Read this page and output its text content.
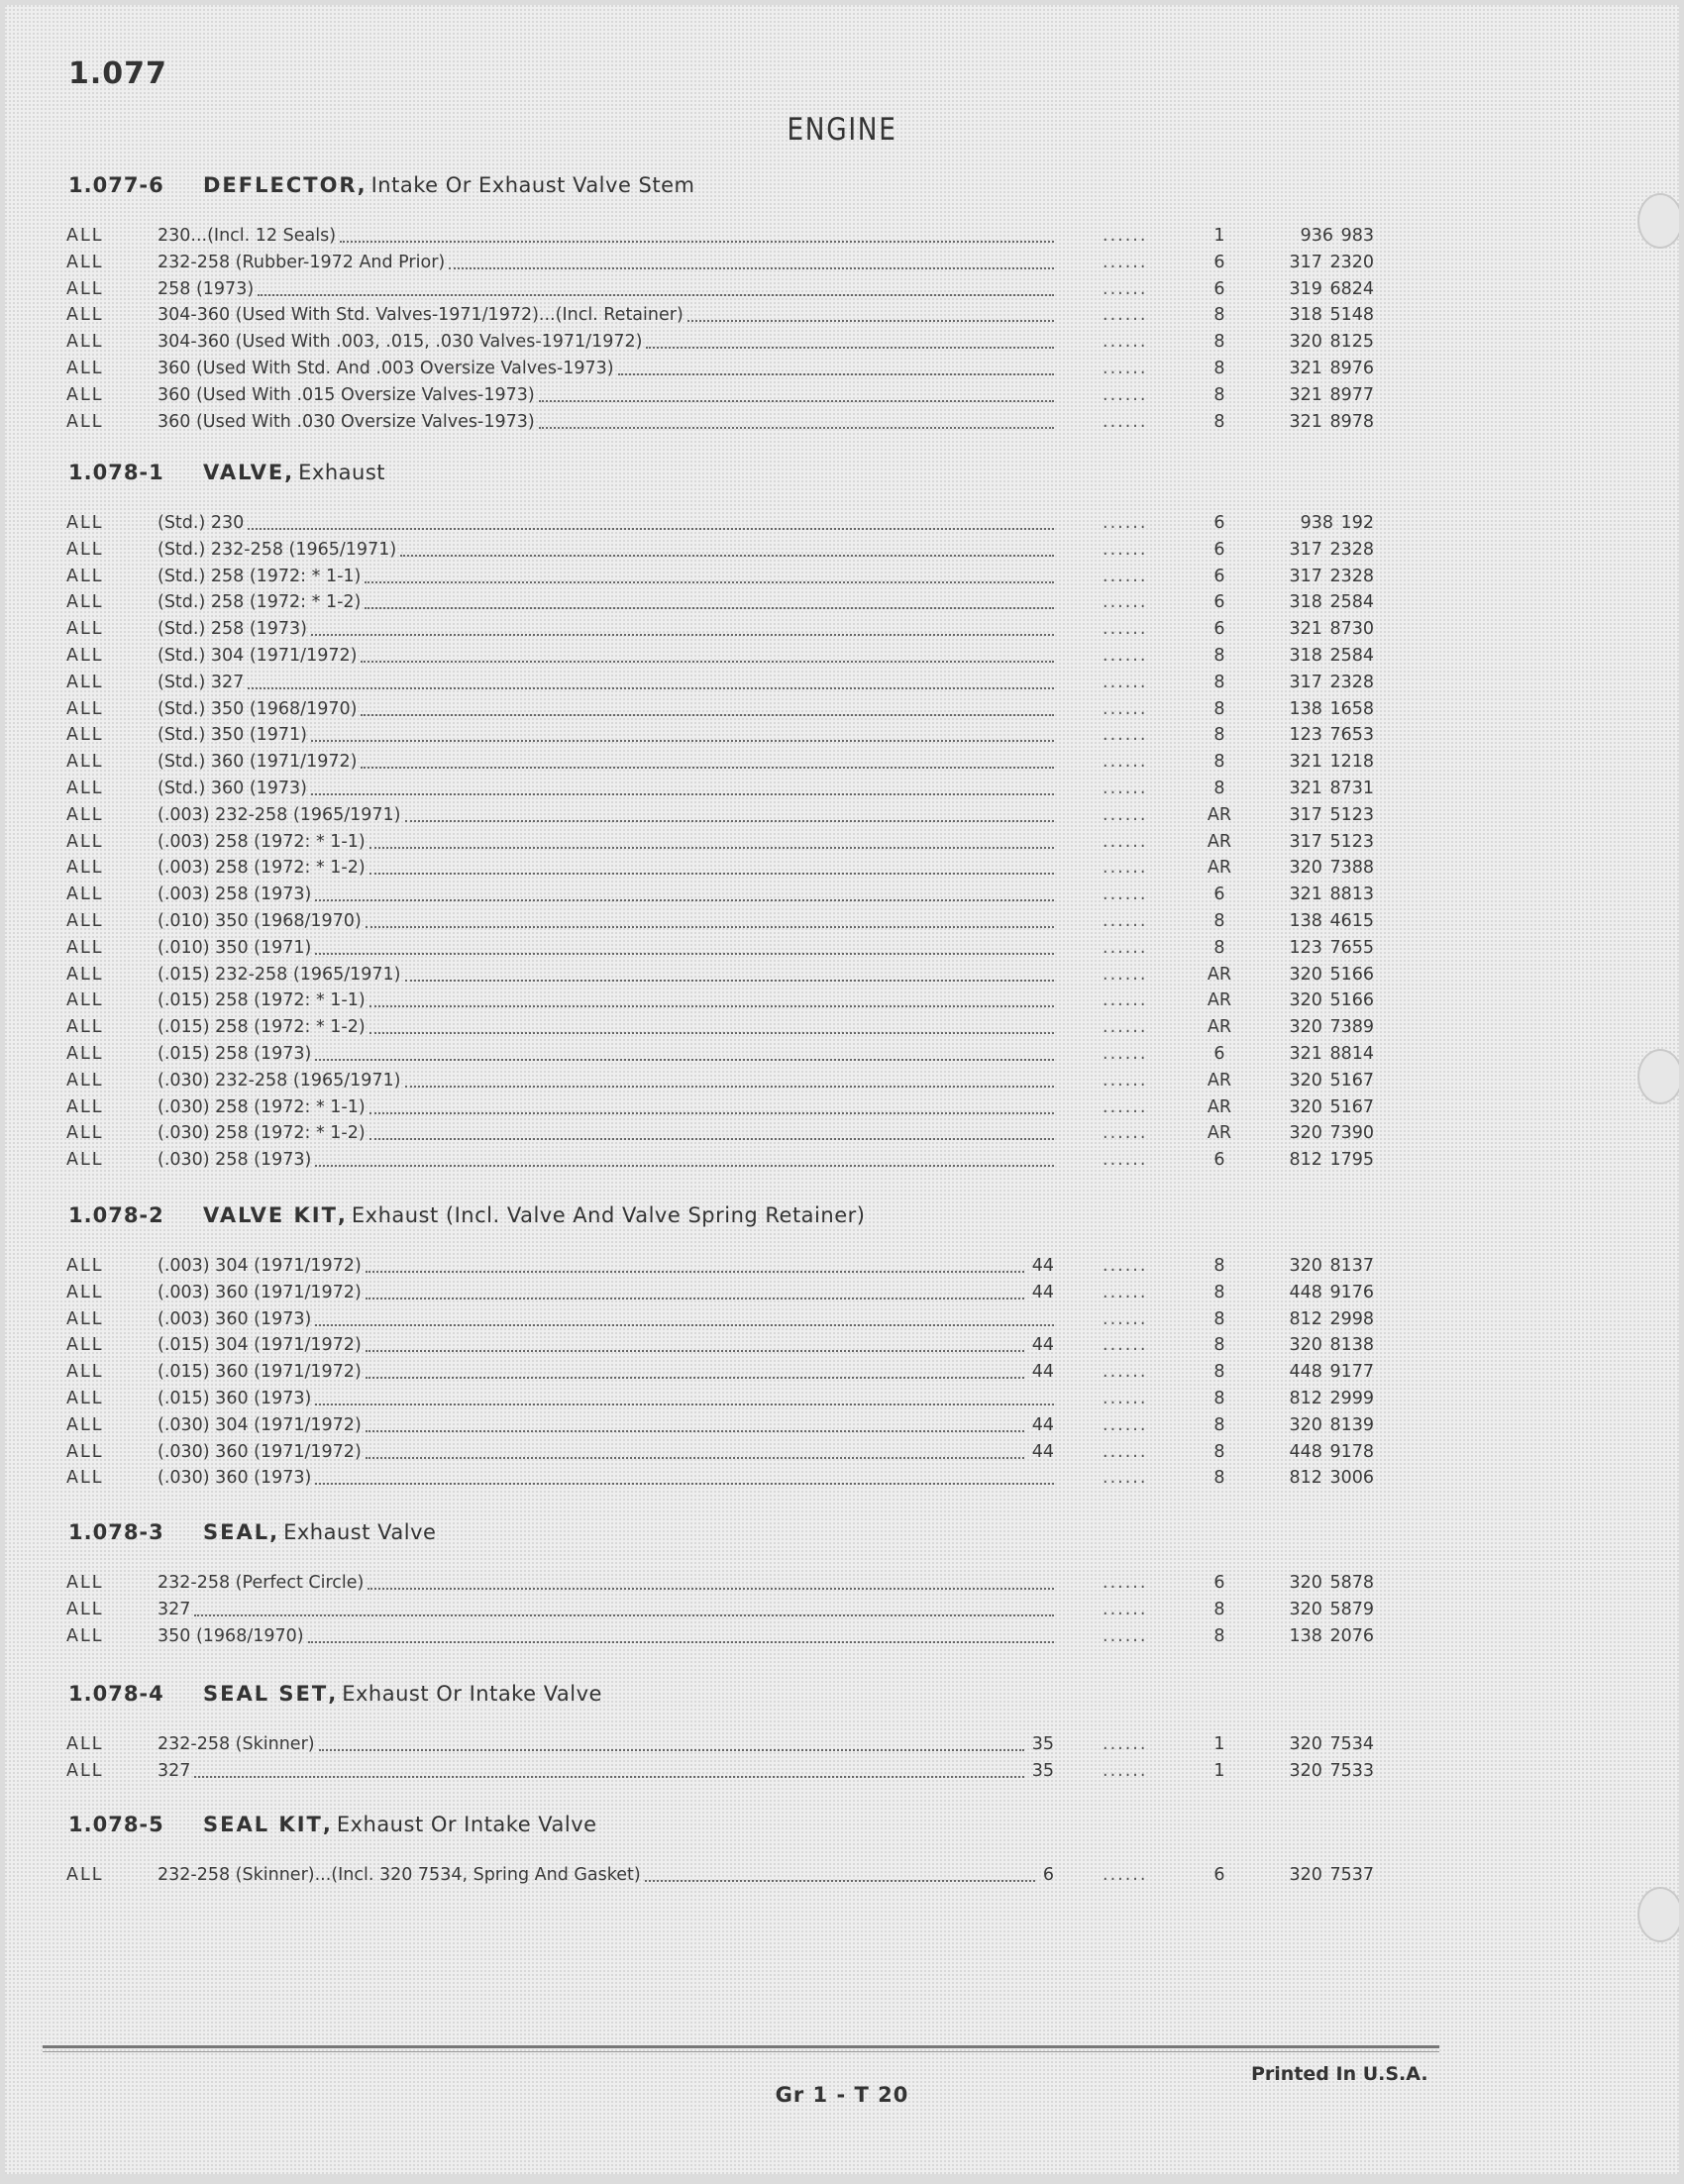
1.077
ENGINE
1.077-6 DEFLECTOR, Intake Or Exhaust Valve Stem
ALL	230...(Incl. 12 Seals)	......	1	936 983
ALL	232-258 (Rubber-1972 And Prior)	......	6	317 2320
ALL	258 (1973)	......	6	319 6824
ALL	304-360 (Used With Std. Valves-1971/1972)...(Incl. Retainer)	......	8	318 5148
ALL	304-360 (Used With .003, .015, .030 Valves-1971/1972)	......	8	320 8125
ALL	360 (Used With Std. And .003 Oversize Valves-1973)	......	8	321 8976
ALL	360 (Used With .015 Oversize Valves-1973)	......	8	321 8977
ALL	360 (Used With .030 Oversize Valves-1973)	......	8	321 8978
1.078-1 VALVE, Exhaust
ALL	(Std.) 230	......	6	938 192
ALL	(Std.) 232-258 (1965/1971)	......	6	317 2328
ALL	(Std.) 258 (1972: * 1-1)	......	6	317 2328
ALL	(Std.) 258 (1972: * 1-2)	......	6	318 2584
ALL	(Std.) 258 (1973)	......	6	321 8730
ALL	(Std.) 304 (1971/1972)	......	8	318 2584
ALL	(Std.) 327	......	8	317 2328
ALL	(Std.) 350 (1968/1970)	......	8	138 1658
ALL	(Std.) 350 (1971)	......	8	123 7653
ALL	(Std.) 360 (1971/1972)	......	8	321 1218
ALL	(Std.) 360 (1973)	......	8	321 8731
ALL	(.003) 232-258 (1965/1971)	......	AR	317 5123
ALL	(.003) 258 (1972: * 1-1)	......	AR	317 5123
ALL	(.003) 258 (1972: * 1-2)	......	AR	320 7388
ALL	(.003) 258 (1973)	......	6	321 8813
ALL	(.010) 350 (1968/1970)	......	8	138 4615
ALL	(.010) 350 (1971)	......	8	123 7655
ALL	(.015) 232-258 (1965/1971)	......	AR	320 5166
ALL	(.015) 258 (1972: * 1-1)	......	AR	320 5166
ALL	(.015) 258 (1972: * 1-2)	......	AR	320 7389
ALL	(.015) 258 (1973)	......	6	321 8814
ALL	(.030) 232-258 (1965/1971)	......	AR	320 5167
ALL	(.030) 258 (1972: * 1-1)	......	AR	320 5167
ALL	(.030) 258 (1972: * 1-2)	......	AR	320 7390
ALL	(.030) 258 (1973)	......	6	812 1795
1.078-2 VALVE KIT, Exhaust (Incl. Valve And Valve Spring Retainer)
ALL	(.003) 304 (1971/1972)	44	......	8	320 8137
ALL	(.003) 360 (1971/1972)	44	......	8	448 9176
ALL	(.003) 360 (1973)	......	8	812 2998
ALL	(.015) 304 (1971/1972)	44	......	8	320 8138
ALL	(.015) 360 (1971/1972)	44	......	8	448 9177
ALL	(.015) 360 (1973)	......	8	812 2999
ALL	(.030) 304 (1971/1972)	44	......	8	320 8139
ALL	(.030) 360 (1971/1972)	44	......	8	448 9178
ALL	(.030) 360 (1973)	......	8	812 3006
1.078-3 SEAL, Exhaust Valve
ALL	232-258 (Perfect Circle)	......	6	320 5878
ALL	327	......	8	320 5879
ALL	350 (1968/1970)	......	8	138 2076
1.078-4 SEAL SET, Exhaust Or Intake Valve
ALL	232-258 (Skinner)	35	......	1	320 7534
ALL	327	35	......	1	320 7533
1.078-5 SEAL KIT, Exhaust Or Intake Valve
ALL	232-258 (Skinner)...(Incl. 320 7534, Spring And Gasket)	6	......	6	320 7537
Gr 1 - T 20
Printed In U.S.A.
